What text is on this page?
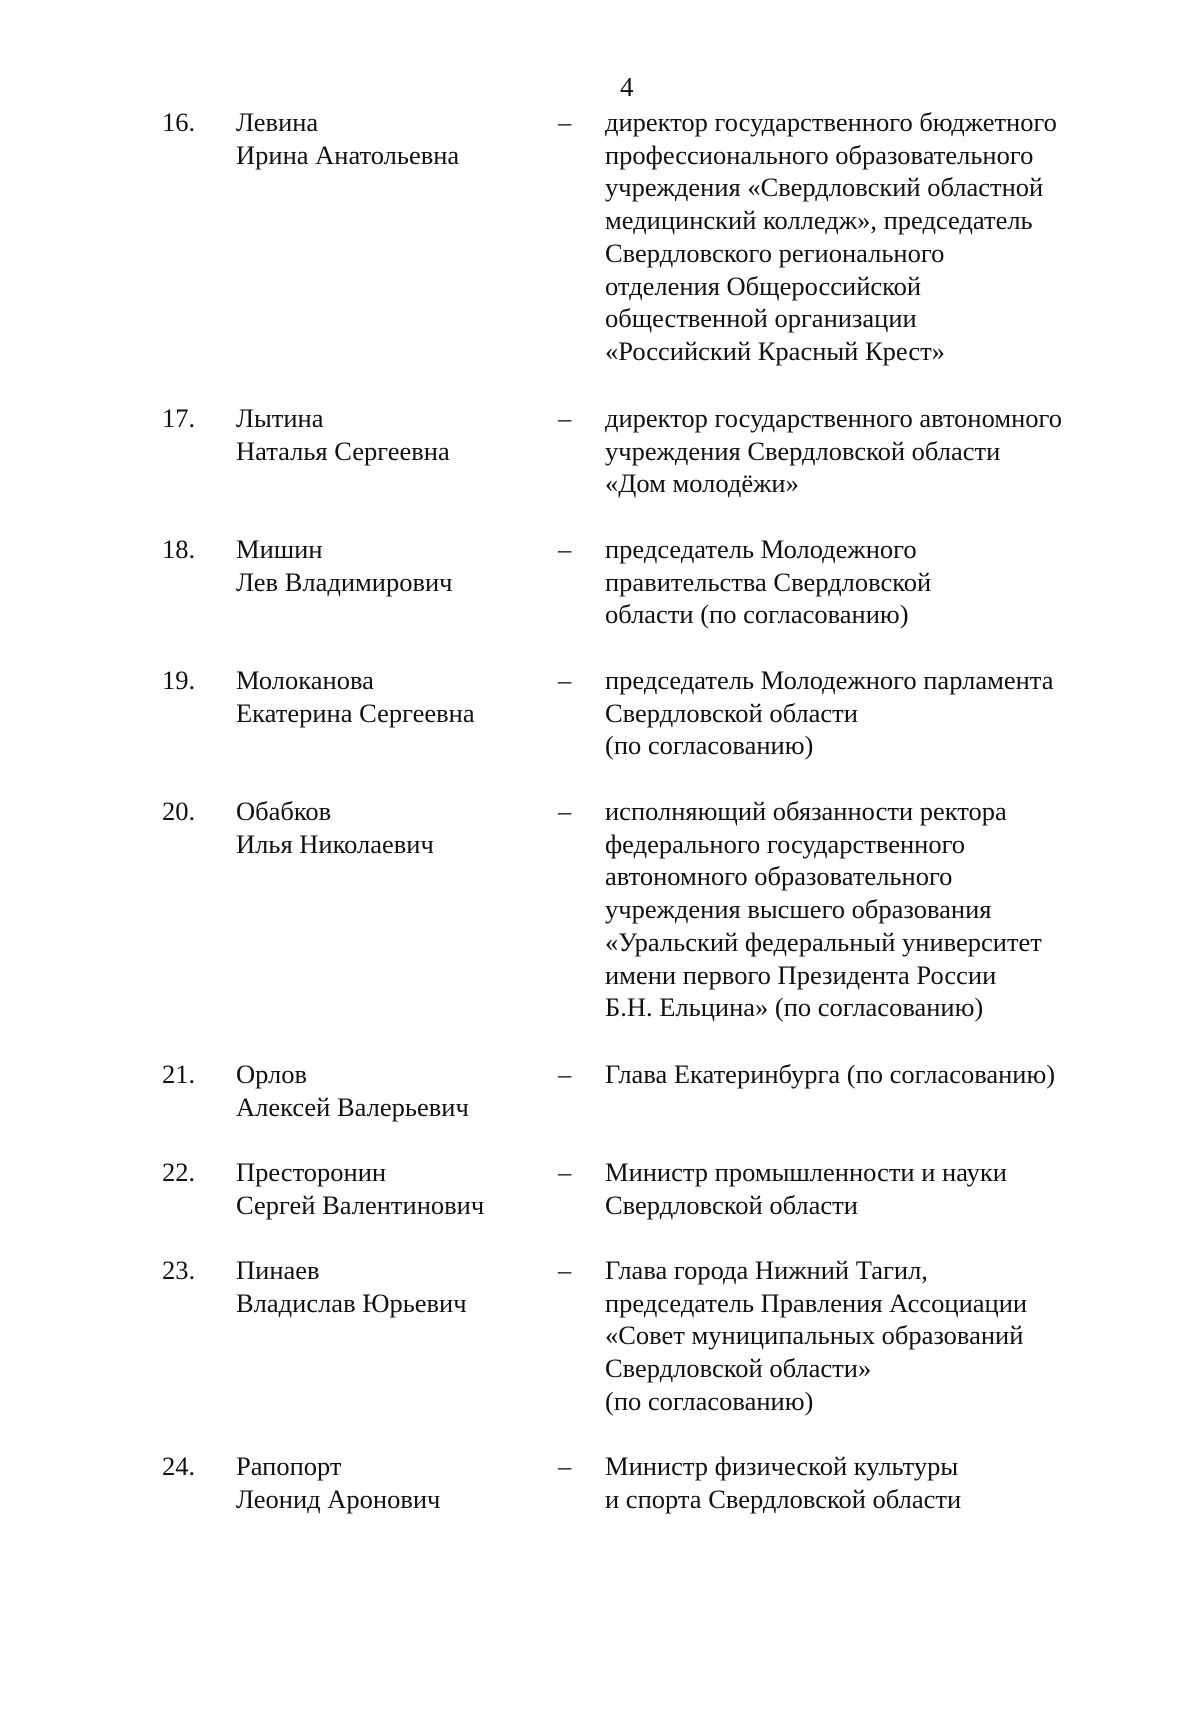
4
16. Левина
Ирина Анатольевна
– директор государственного бюджетного
профессионального образовательного
учреждения «Свердловский областной
медицинский колледж», председатель
Свердловского регионального
отделения Общероссийской
общественной организации
«Российский Красный Крест»
17. Лытина
Наталья Сергеевна
– директор государственного автономного
учреждения Свердловской области
«Дом молодёжи»
18. Мишин
Лев Владимирович
– председатель Молодежного
правительства Свердловской
области (по согласованию)
19. Молоканова
Екатерина Сергеевна
– председатель Молодежного парламента
Свердловской области
(по согласованию)
20. Обабков
Илья Николаевич
– исполняющий обязанности ректора
федерального государственного
автономного образовательного
учреждения высшего образования
«Уральский федеральный университет
имени первого Президента России
Б.Н. Ельцина» (по согласованию)
21. Орлов
Алексей Валерьевич
– Глава Екатеринбурга (по согласованию)
22. Престоронин
Сергей Валентинович
– Министр промышленности и науки
Свердловской области
23. Пинаев
Владислав Юрьевич
– Глава города Нижний Тагил,
председатель Правления Ассоциации
«Совет муниципальных образований
Свердловской области»
(по согласованию)
24. Рапопорт
Леонид Аронович
– Министр физической культуры
и спорта Свердловской области
